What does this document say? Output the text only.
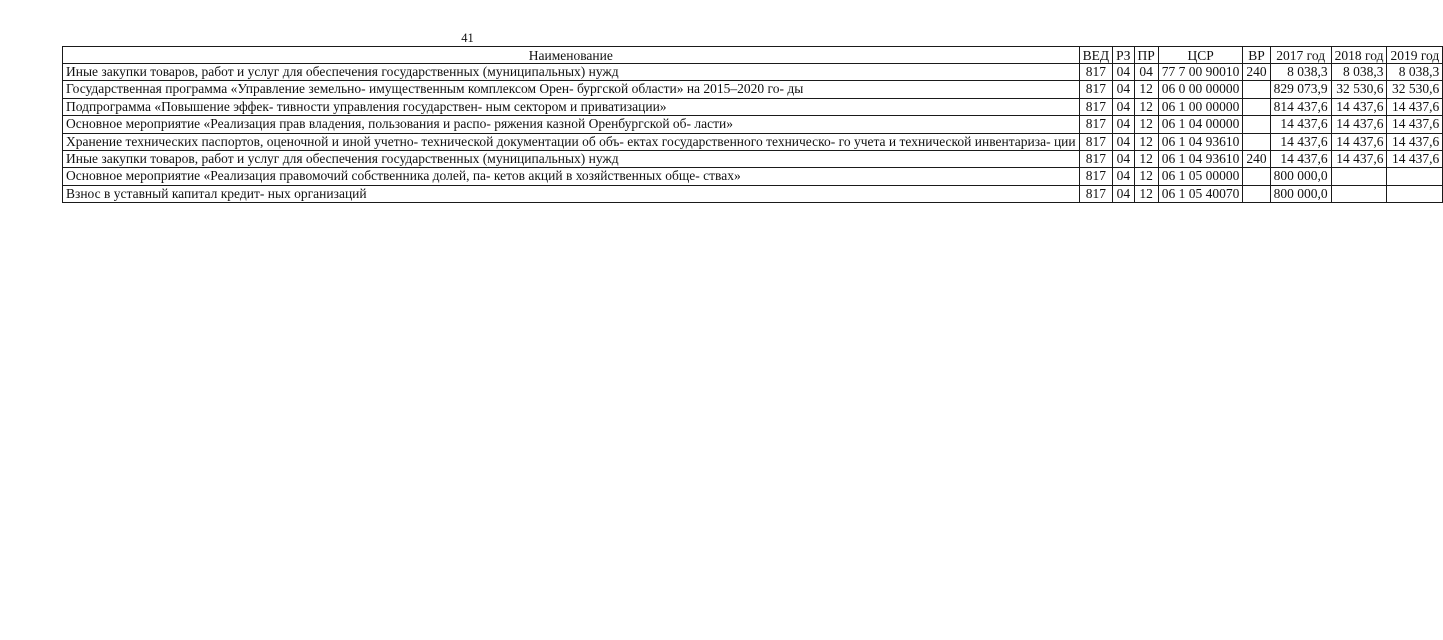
41
Наименование	ВЕД	РЗ	ПР	ЦСР	ВР	2017 год	2018 год	2019 год
Иные закупки товаров, работ и услуг для обеспечения государственных (муниципальных) нужд	817	04	04	77 7 00 90010	240	8 038,3	8 038,3	8 038,3
Государственная программа «Управление земельно- имущественным комплексом Орен- бургской области» на 2015–2020 го- ды	817	04	12	06 0 00 00000		829 073,9	32 530,6	32 530,6
Подпрограмма «Повышение эффек- тивности управления государствен- ным сектором и приватизации»	817	04	12	06 1 00 00000		814 437,6	14 437,6	14 437,6
Основное мероприятие «Реализация прав владения, пользования и распо- ряжения казной Оренбургской об- ласти»	817	04	12	06 1 04 00000		14 437,6	14 437,6	14 437,6
Хранение технических паспортов, оценочной и иной учетно- технической документации об объ- ектах государственного техническо- го учета и технической инвентариза- ции	817	04	12	06 1 04 93610		14 437,6	14 437,6	14 437,6
Иные закупки товаров, работ и услуг для обеспечения государственных (муниципальных) нужд	817	04	12	06 1 04 93610	240	14 437,6	14 437,6	14 437,6
Основное мероприятие «Реализация правомочий собственника долей, па- кетов акций в хозяйственных обще- ствах»	817	04	12	06 1 05 00000		800 000,0		
Взнос в уставный капитал кредит- ных организаций	817	04	12	06 1 05 40070		800 000,0		
